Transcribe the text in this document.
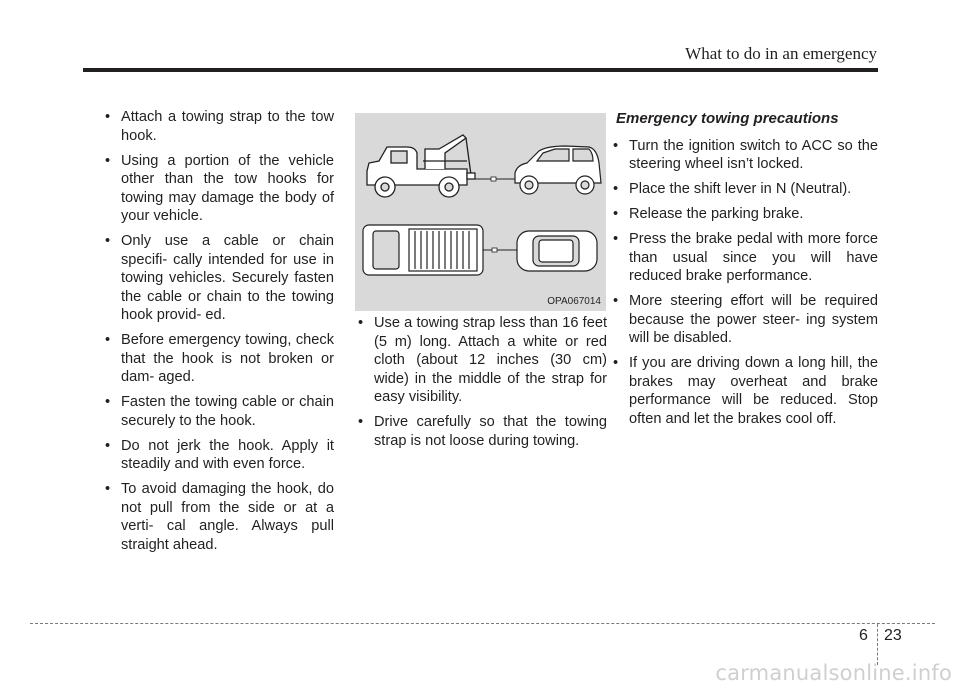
What to do in an emergency
• Attach a towing strap to the tow hook.
• Using a portion of the vehicle other than the tow hooks for towing may damage the body of your vehicle.
• Only use a cable or chain specifi- cally intended for use in towing vehicles. Securely fasten the cable or chain to the towing hook provid- ed.
• Before emergency towing, check that the hook is not broken or dam- aged.
• Fasten the towing cable or chain securely to the hook.
• Do not jerk the hook. Apply it steadily and with even force.
• To avoid damaging the hook, do not pull from the side or at a verti- cal angle. Always pull straight ahead.
OPA067014
• Use a towing strap less than 16 feet (5 m) long. Attach a white or red cloth (about 12 inches (30 cm) wide) in the middle of the strap for easy visibility.
• Drive carefully so that the towing strap is not loose during towing.
Emergency towing precautions
• Turn the ignition switch to ACC so the steering wheel isn’t locked.
• Place the shift lever in N (Neutral).
• Release the parking brake.
• Press the brake pedal with more force than usual since you will have reduced brake performance.
• More steering effort will be required because the power steer- ing system will be disabled.
• If you are driving down a long hill, the brakes may overheat and brake performance will be reduced. Stop often and let the brakes cool off.
6 23
carmanualsonline.info
